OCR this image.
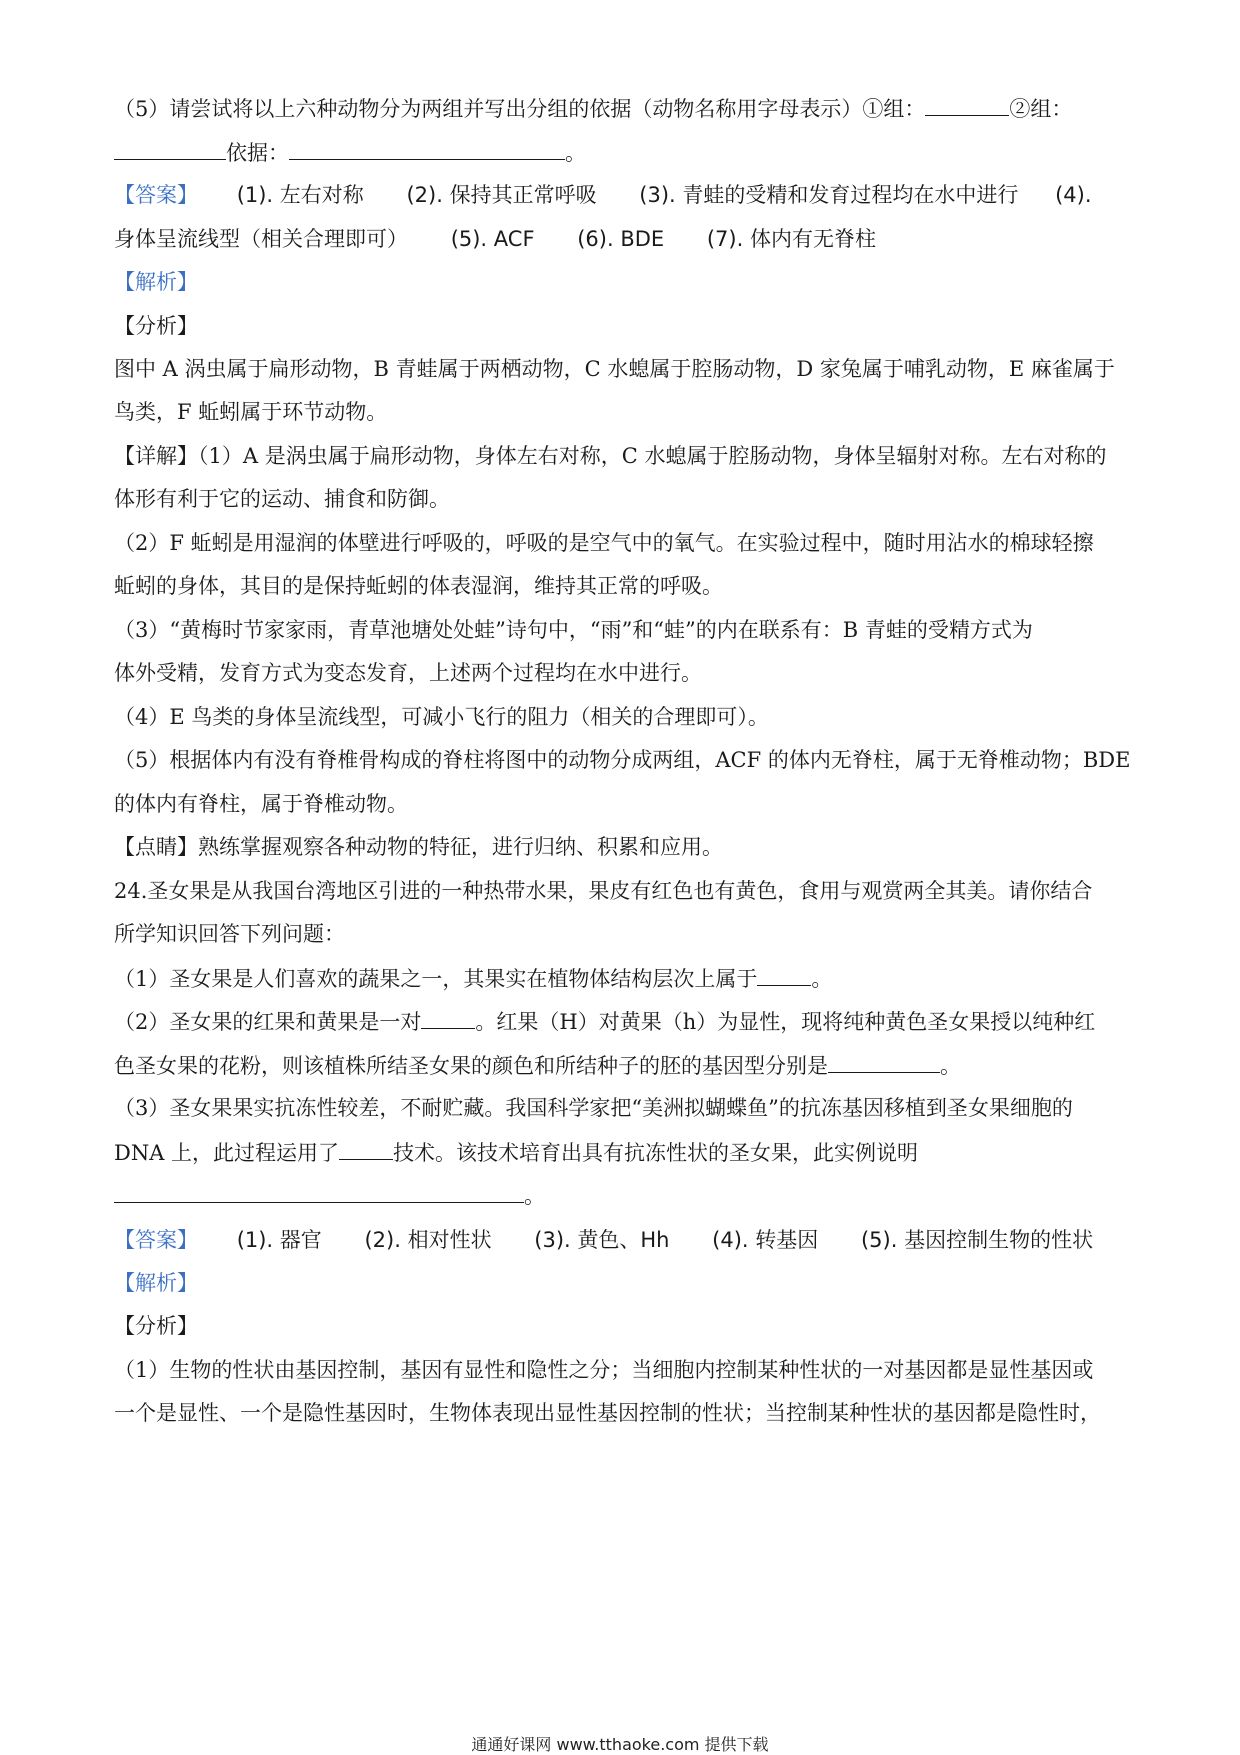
（5）请尝试将以上六种动物分为两组并写出分组的依据（动物名称用字母表示）①组：	②组：
依据：	。
【答案】 (1). 左右对称 (2). 保持其正常呼吸 (3). 青蛙的受精和发育过程均在水中进行 (4).
身体呈流线型（相关合理即可） (5). ACF (6). BDE (7). 体内有无脊柱
【解析】
【分析】
图中 A 涡虫属于扁形动物，B 青蛙属于两栖动物，C 水螅属于腔肠动物，D 家兔属于哺乳动物，E 麻雀属于
鸟类，F 蚯蚓属于环节动物。
【详解】（1）A 是涡虫属于扁形动物，身体左右对称，C 水螅属于腔肠动物，身体呈辐射对称。左右对称的
体形有利于它的运动、捕食和防御。
（2）F 蚯蚓是用湿润的体壁进行呼吸的，呼吸的是空气中的氧气。在实验过程中，随时用沾水的棉球轻擦
蚯蚓的身体，其目的是保持蚯蚓的体表湿润，维持其正常的呼吸。
（3）“黄梅时节家家雨，青草池塘处处蛙”诗句中，“雨”和“蛙”的内在联系有：B 青蛙的受精方式为
体外受精，发育方式为变态发育，上述两个过程均在水中进行。
（4）E 鸟类的身体呈流线型，可减小飞行的阻力（相关的合理即可）。
（5）根据体内有没有脊椎骨构成的脊柱将图中的动物分成两组，ACF 的体内无脊柱，属于无脊椎动物；BDE
的体内有脊柱，属于脊椎动物。
【点睛】熟练掌握观察各种动物的特征，进行归纳、积累和应用。
24.圣女果是从我国台湾地区引进的一种热带水果，果皮有红色也有黄色，食用与观赏两全其美。请你结合
所学知识回答下列问题：
（1）圣女果是人们喜欢的蔬果之一，其果实在植物体结构层次上属于	。
（2）圣女果的红果和黄果是一对	。红果（H）对黄果（h）为显性，现将纯种黄色圣女果授以纯种红
色圣女果的花粉，则该植株所结圣女果的颜色和所结种子的胚的基因型分别是	。
（3）圣女果果实抗冻性较差，不耐贮藏。我国科学家把“美洲拟蝴蝶鱼”的抗冻基因移植到圣女果细胞的
DNA 上，此过程运用了	技术。该技术培育出具有抗冻性状的圣女果，此实例说明
。
【答案】 (1). 器官 (2). 相对性状 (3). 黄色、Hh (4). 转基因 (5). 基因控制生物的性状
【解析】
【分析】
（1）生物的性状由基因控制，基因有显性和隐性之分；当细胞内控制某种性状的一对基因都是显性基因或
一个是显性、一个是隐性基因时，生物体表现出显性基因控制的性状；当控制某种性状的基因都是隐性时，
通通好课网 www.tthaoke.com 提供下载
